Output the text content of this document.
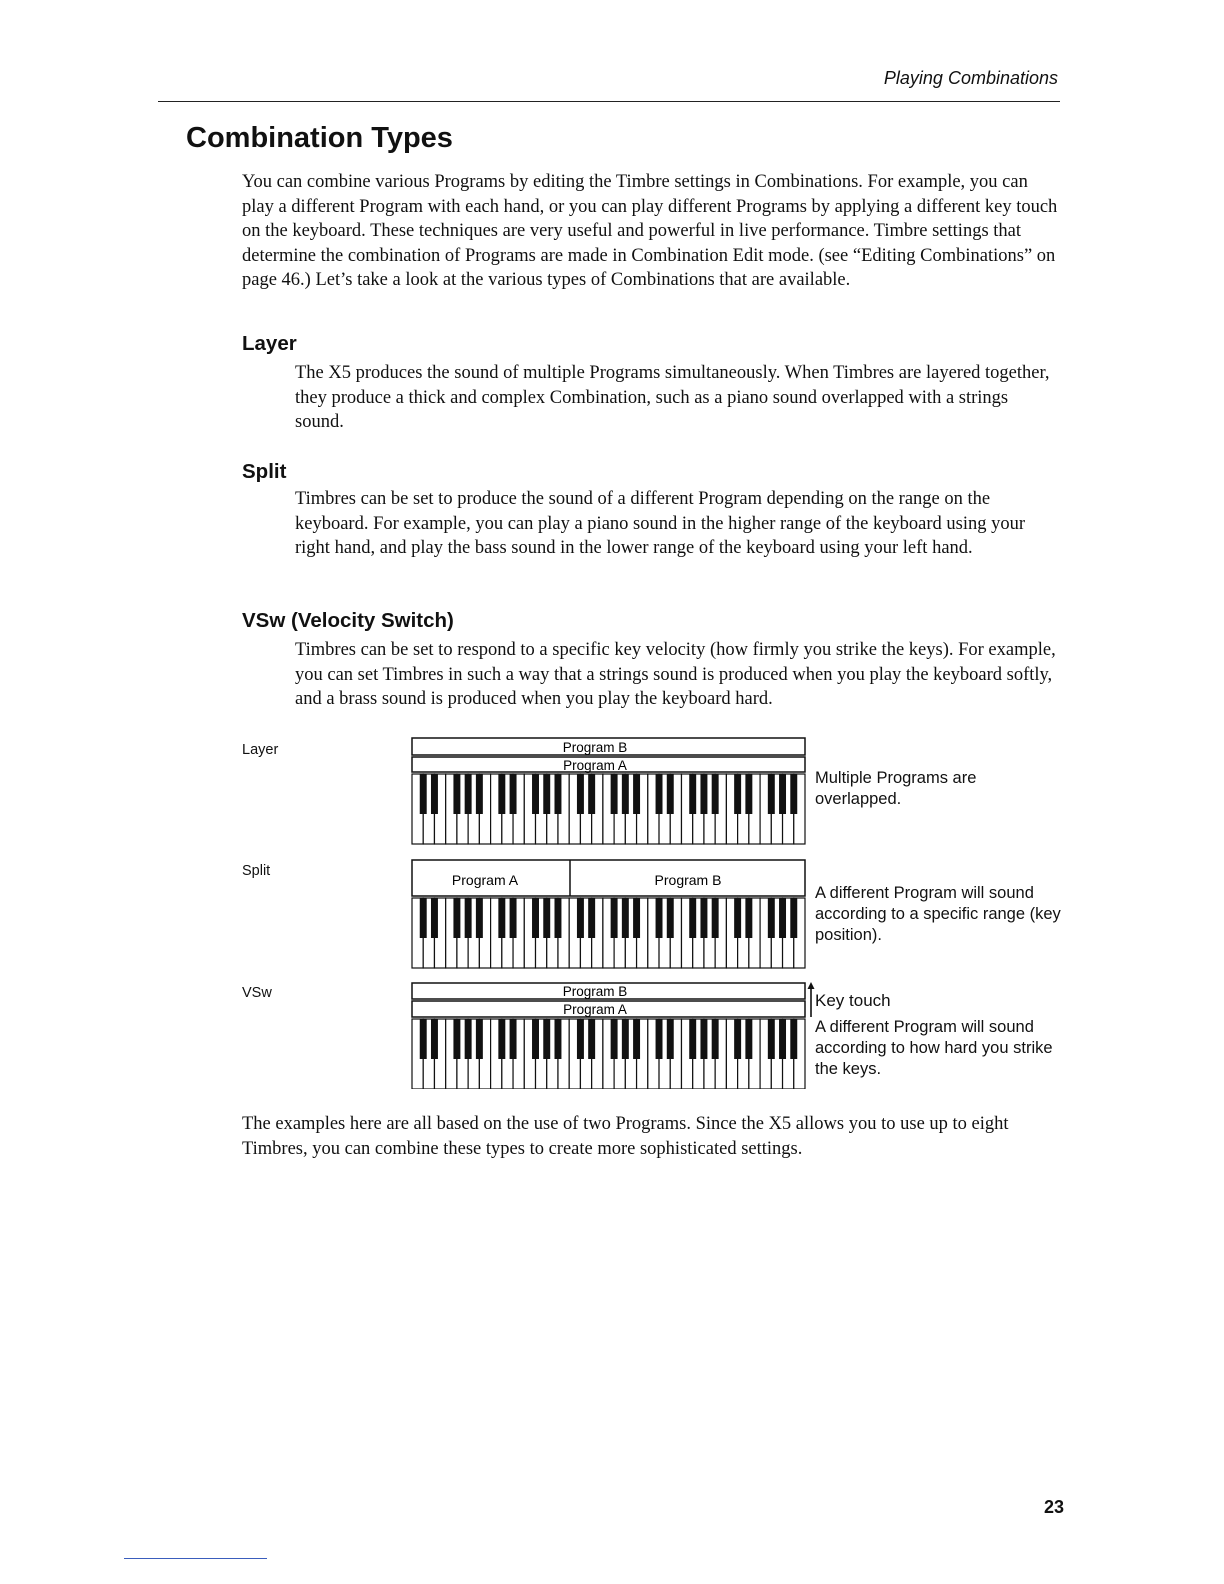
Playing Combinations
Combination Types
You can combine various Programs by editing the Timbre settings in Combinations. For example, you can play a different Program with each hand, or you can play different Programs by applying a different key touch on the keyboard. These techniques are very useful and powerful in live performance. Timbre settings that determine the combination of Programs are made in Combination Edit mode. (see “Editing Combinations” on page 46.) Let’s take a look at the various types of Combinations that are available.
Layer
The X5 produces the sound of multiple Programs simultaneously. When Timbres are layered together, they produce a thick and complex Combination, such as a piano sound overlapped with a strings sound.
Split
Timbres can be set to produce the sound of a different Program depending on the range on the keyboard. For example, you can play a piano sound in the higher range of the keyboard using your right hand, and play the bass sound in the lower range of the keyboard using your left hand.
VSw (Velocity Switch)
Timbres can be set to respond to a specific key velocity (how firmly you strike the keys). For example, you can set Timbres in such a way that a strings sound is produced when you play the keyboard softly, and a brass sound is produced when you play the keyboard hard.
Layer	Program B
Program A
Multiple Programs are overlapped.
Split
Program A	Program B
A different Program will sound according to a specific range (key position).
VSw	Program B
Program A	Key touch
A different Program will sound according to how hard you strike the keys.
The examples here are all based on the use of two Programs. Since the X5 allows you to use up to eight Timbres, you can combine these types to create more sophisticated settings.
23
